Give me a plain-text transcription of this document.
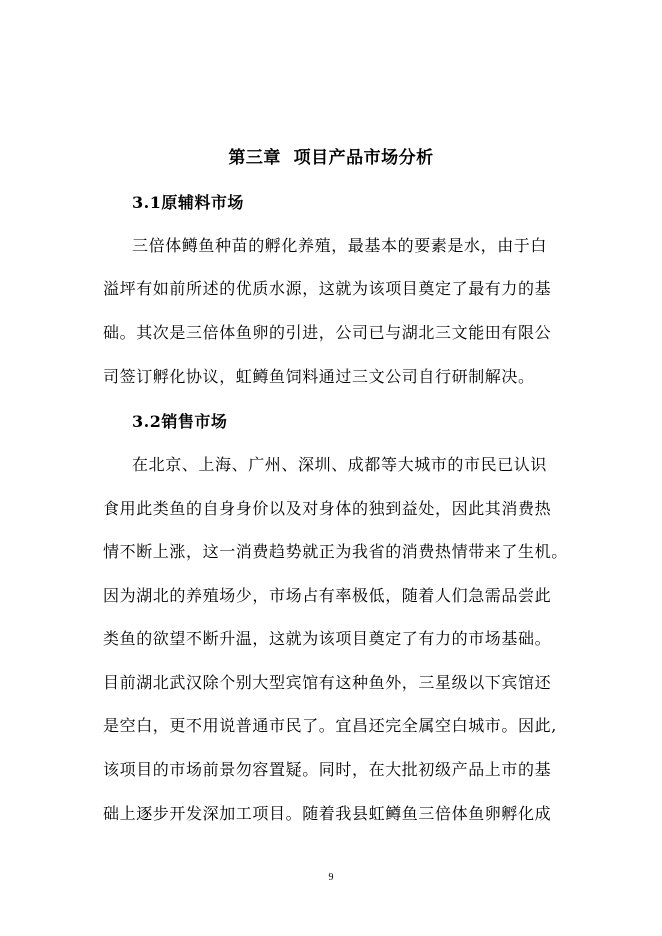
第三章  项目产品市场分析
3.1原辅料市场
三倍体鳟鱼种苗的孵化养殖，最基本的要素是水，由于白
溢坪有如前所述的优质水源，这就为该项目奠定了最有力的基
础。其次是三倍体鱼卵的引进，公司已与湖北三文能田有限公
司签订孵化协议，虹鳟鱼饲料通过三文公司自行研制解决。
3.2销售市场
在北京、上海、广州、深圳、成都等大城市的市民已认识
食用此类鱼的自身身价以及对身体的独到益处，因此其消费热
情不断上涨，这一消费趋势就正为我省的消费热情带来了生机。
因为湖北的养殖场少，市场占有率极低，随着人们急需品尝此
类鱼的欲望不断升温，这就为该项目奠定了有力的市场基础。
目前湖北武汉除个别大型宾馆有这种鱼外，三星级以下宾馆还
是空白，更不用说普通市民了。宜昌还完全属空白城市。因此,
该项目的市场前景勿容置疑。同时，在大批初级产品上市的基
础上逐步开发深加工项目。随着我县虹鳟鱼三倍体鱼卵孵化成
9
